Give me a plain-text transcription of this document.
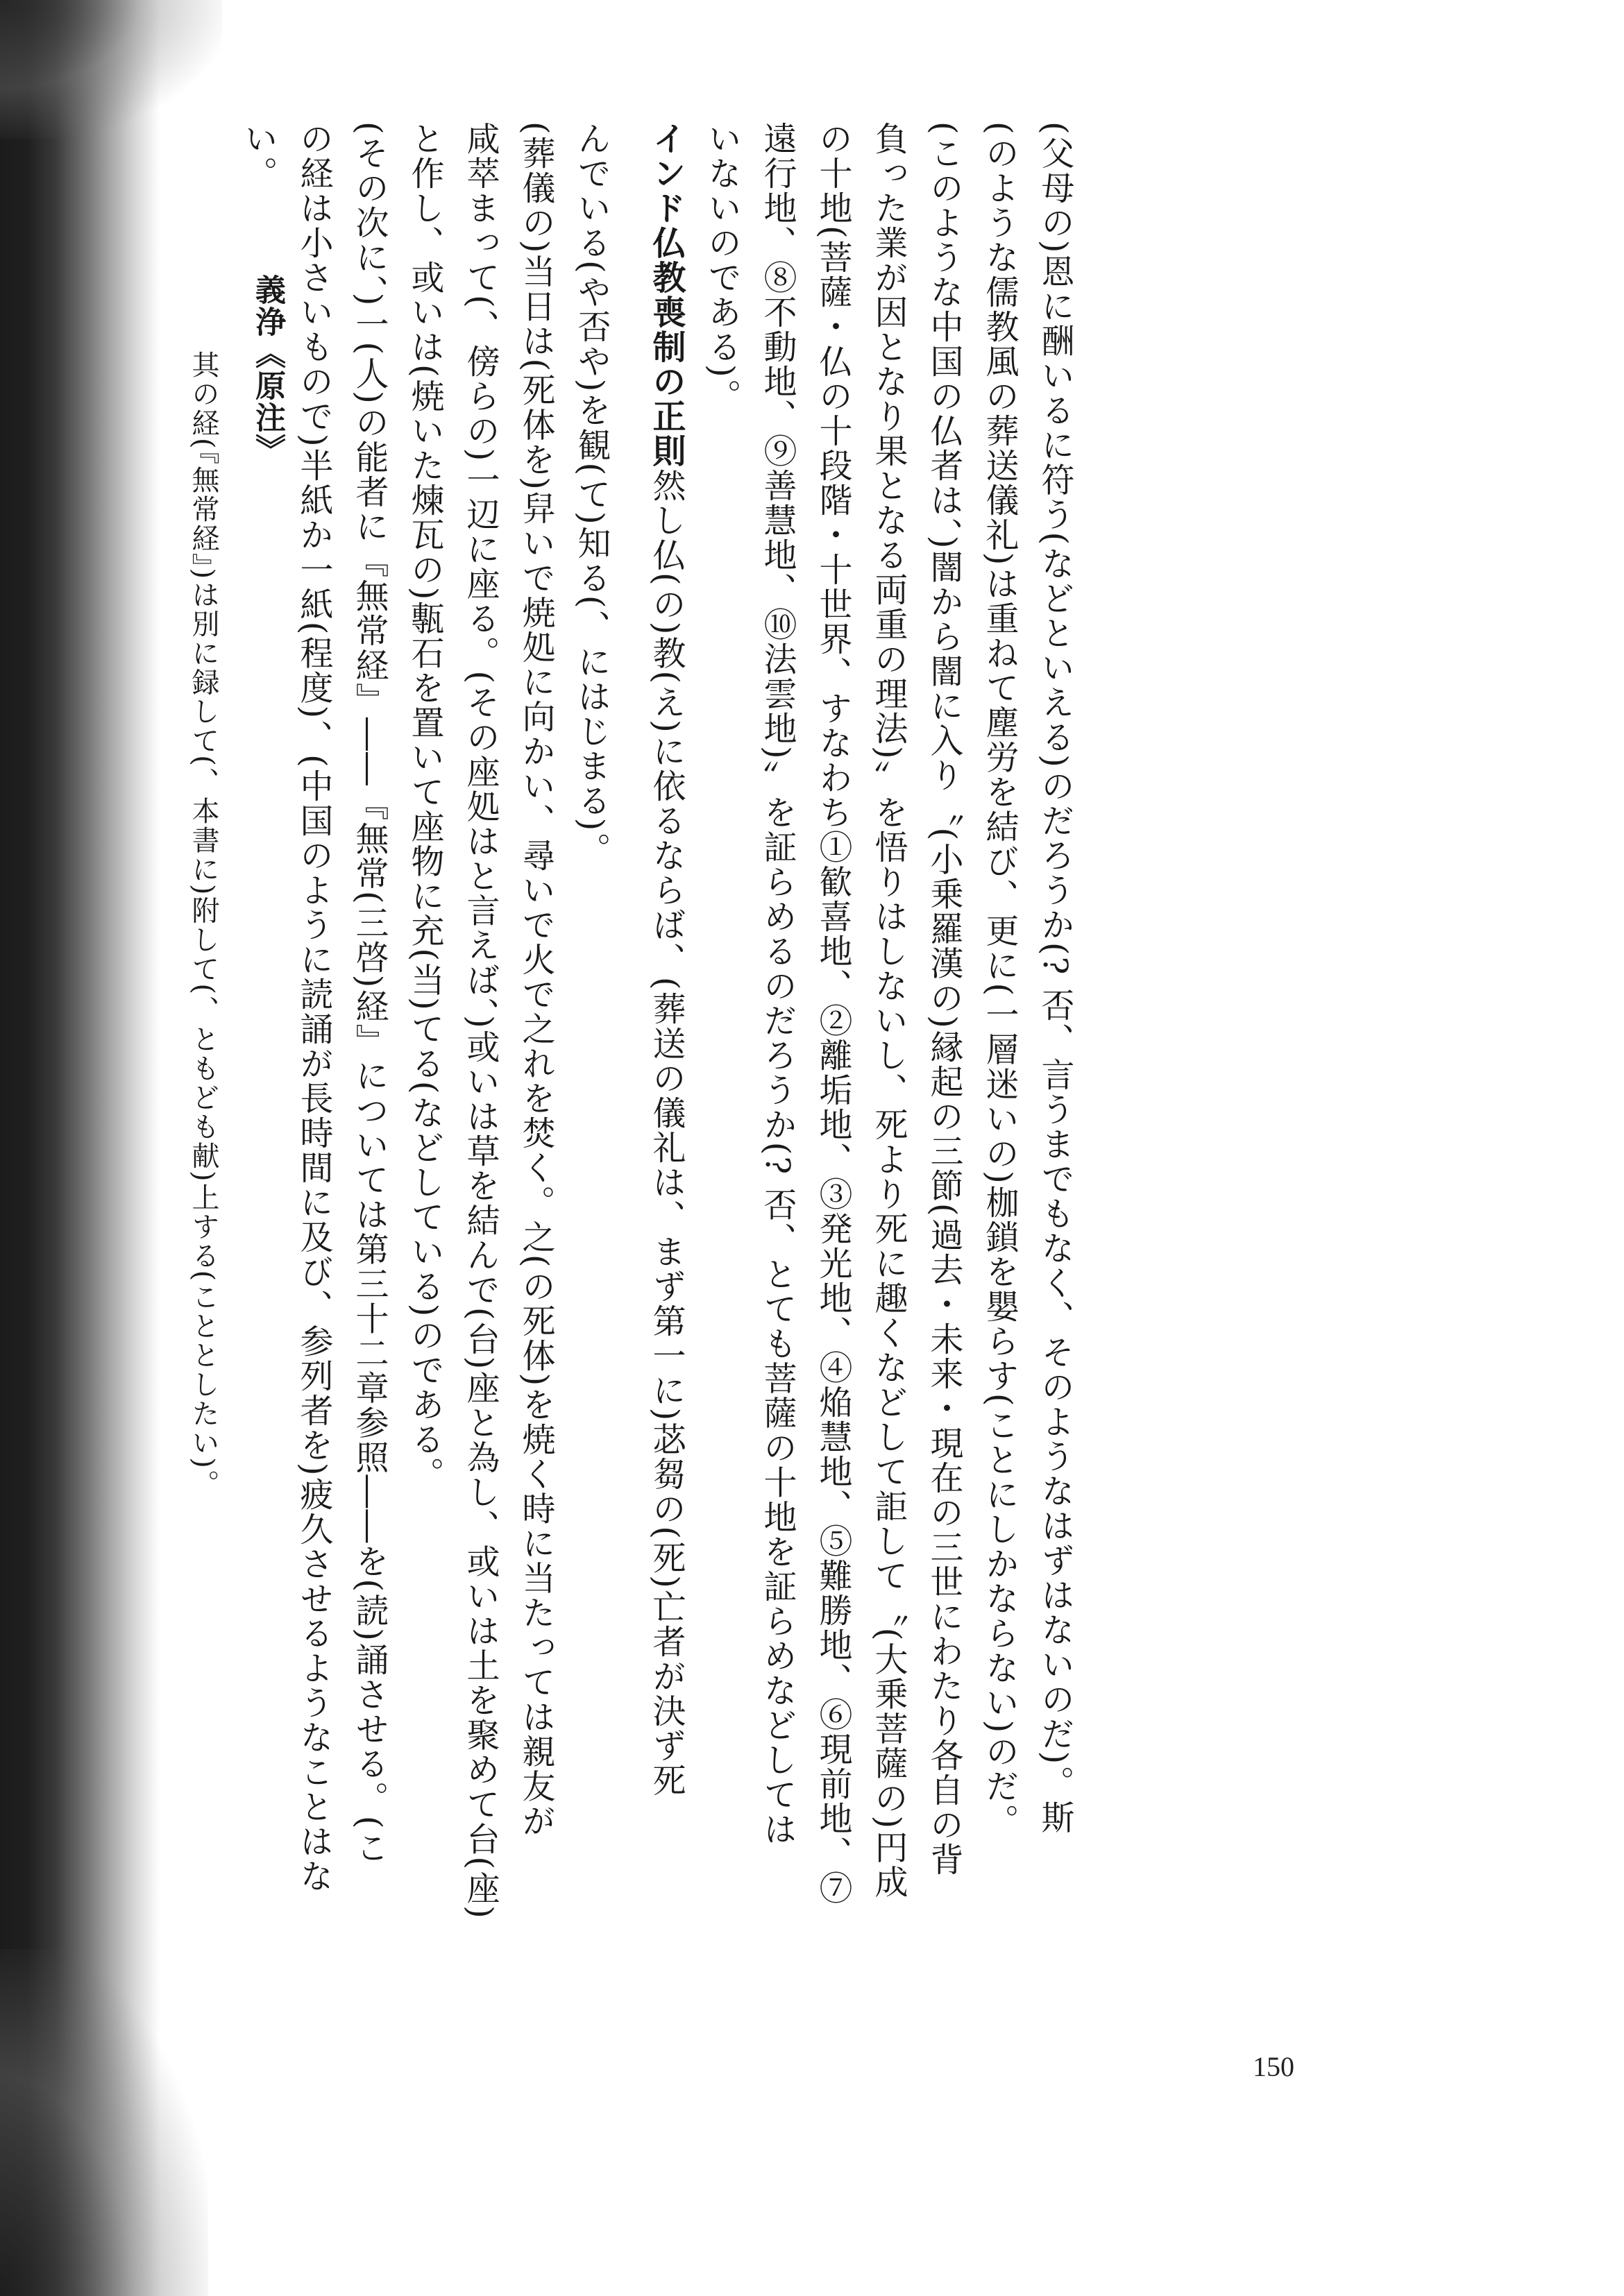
(父母の)恩に酬いるに符う(などといえる)のだろうか(? 否、言うまでもなく、そのようなはずはないのだ)。斯
(のような儒教風の葬送儀礼)は重ねて塵労を結び、更に(一層迷いの)枷鎖を嬰らす(ことにしかならない)のだ。
(このような中国の仏者は、)闇から闇に入り〝(小乗羅漢の)縁起の三節(過去・未来・現在の三世にわたり各自の背
負った業が因となり果となる両重の理法)〟を悟りはしないし、死より死に趣くなどして詎して〝(大乗菩薩の)円成
の十地(菩薩・仏の十段階・十世界、すなわち①歓喜地、②離垢地、③発光地、④焔慧地、⑤難勝地、⑥現前地、⑦
遠行地、⑧不動地、⑨善慧地、⑩法雲地)〟を証らめるのだろうか(? 否、とても菩薩の十地を証らめなどしては
いないのである)。
インド仏教喪制の正則然し仏(の)教(え)に依るならば、(葬送の儀礼は、まず第一に)苾芻の(死)亡者が決ず死
んでいる(や否や)を観(て)知る(、にはじまる)。
(葬儀の)当日は(死体を)舁いで焼処に向かい、尋いで火で之れを焚く。之(の死体)を焼く時に当たっては親友が
咸萃まって(、傍らの)一辺に座る。(その座処はと言えば、)或いは草を結んで(台)座と為し、或いは土を聚めて台(座)
と作し、或いは(焼いた煉瓦の)甎石を置いて座物に充(当)てる(などしている)のである。
(その次に、)一(人)の能者に『無常経』――『無常(三啓)経』については第三十二章参照――を(読)誦させる。(こ
の経は小さいもので)半紙か一紙(程度)、(中国のように読誦が長時間に及び、参列者を)疲久させるようなことはな
い。
義浄《原注》
其の経(『無常経』)は別に録して(、本書に)附して(、ともども献)上する(こととしたい)。
150
